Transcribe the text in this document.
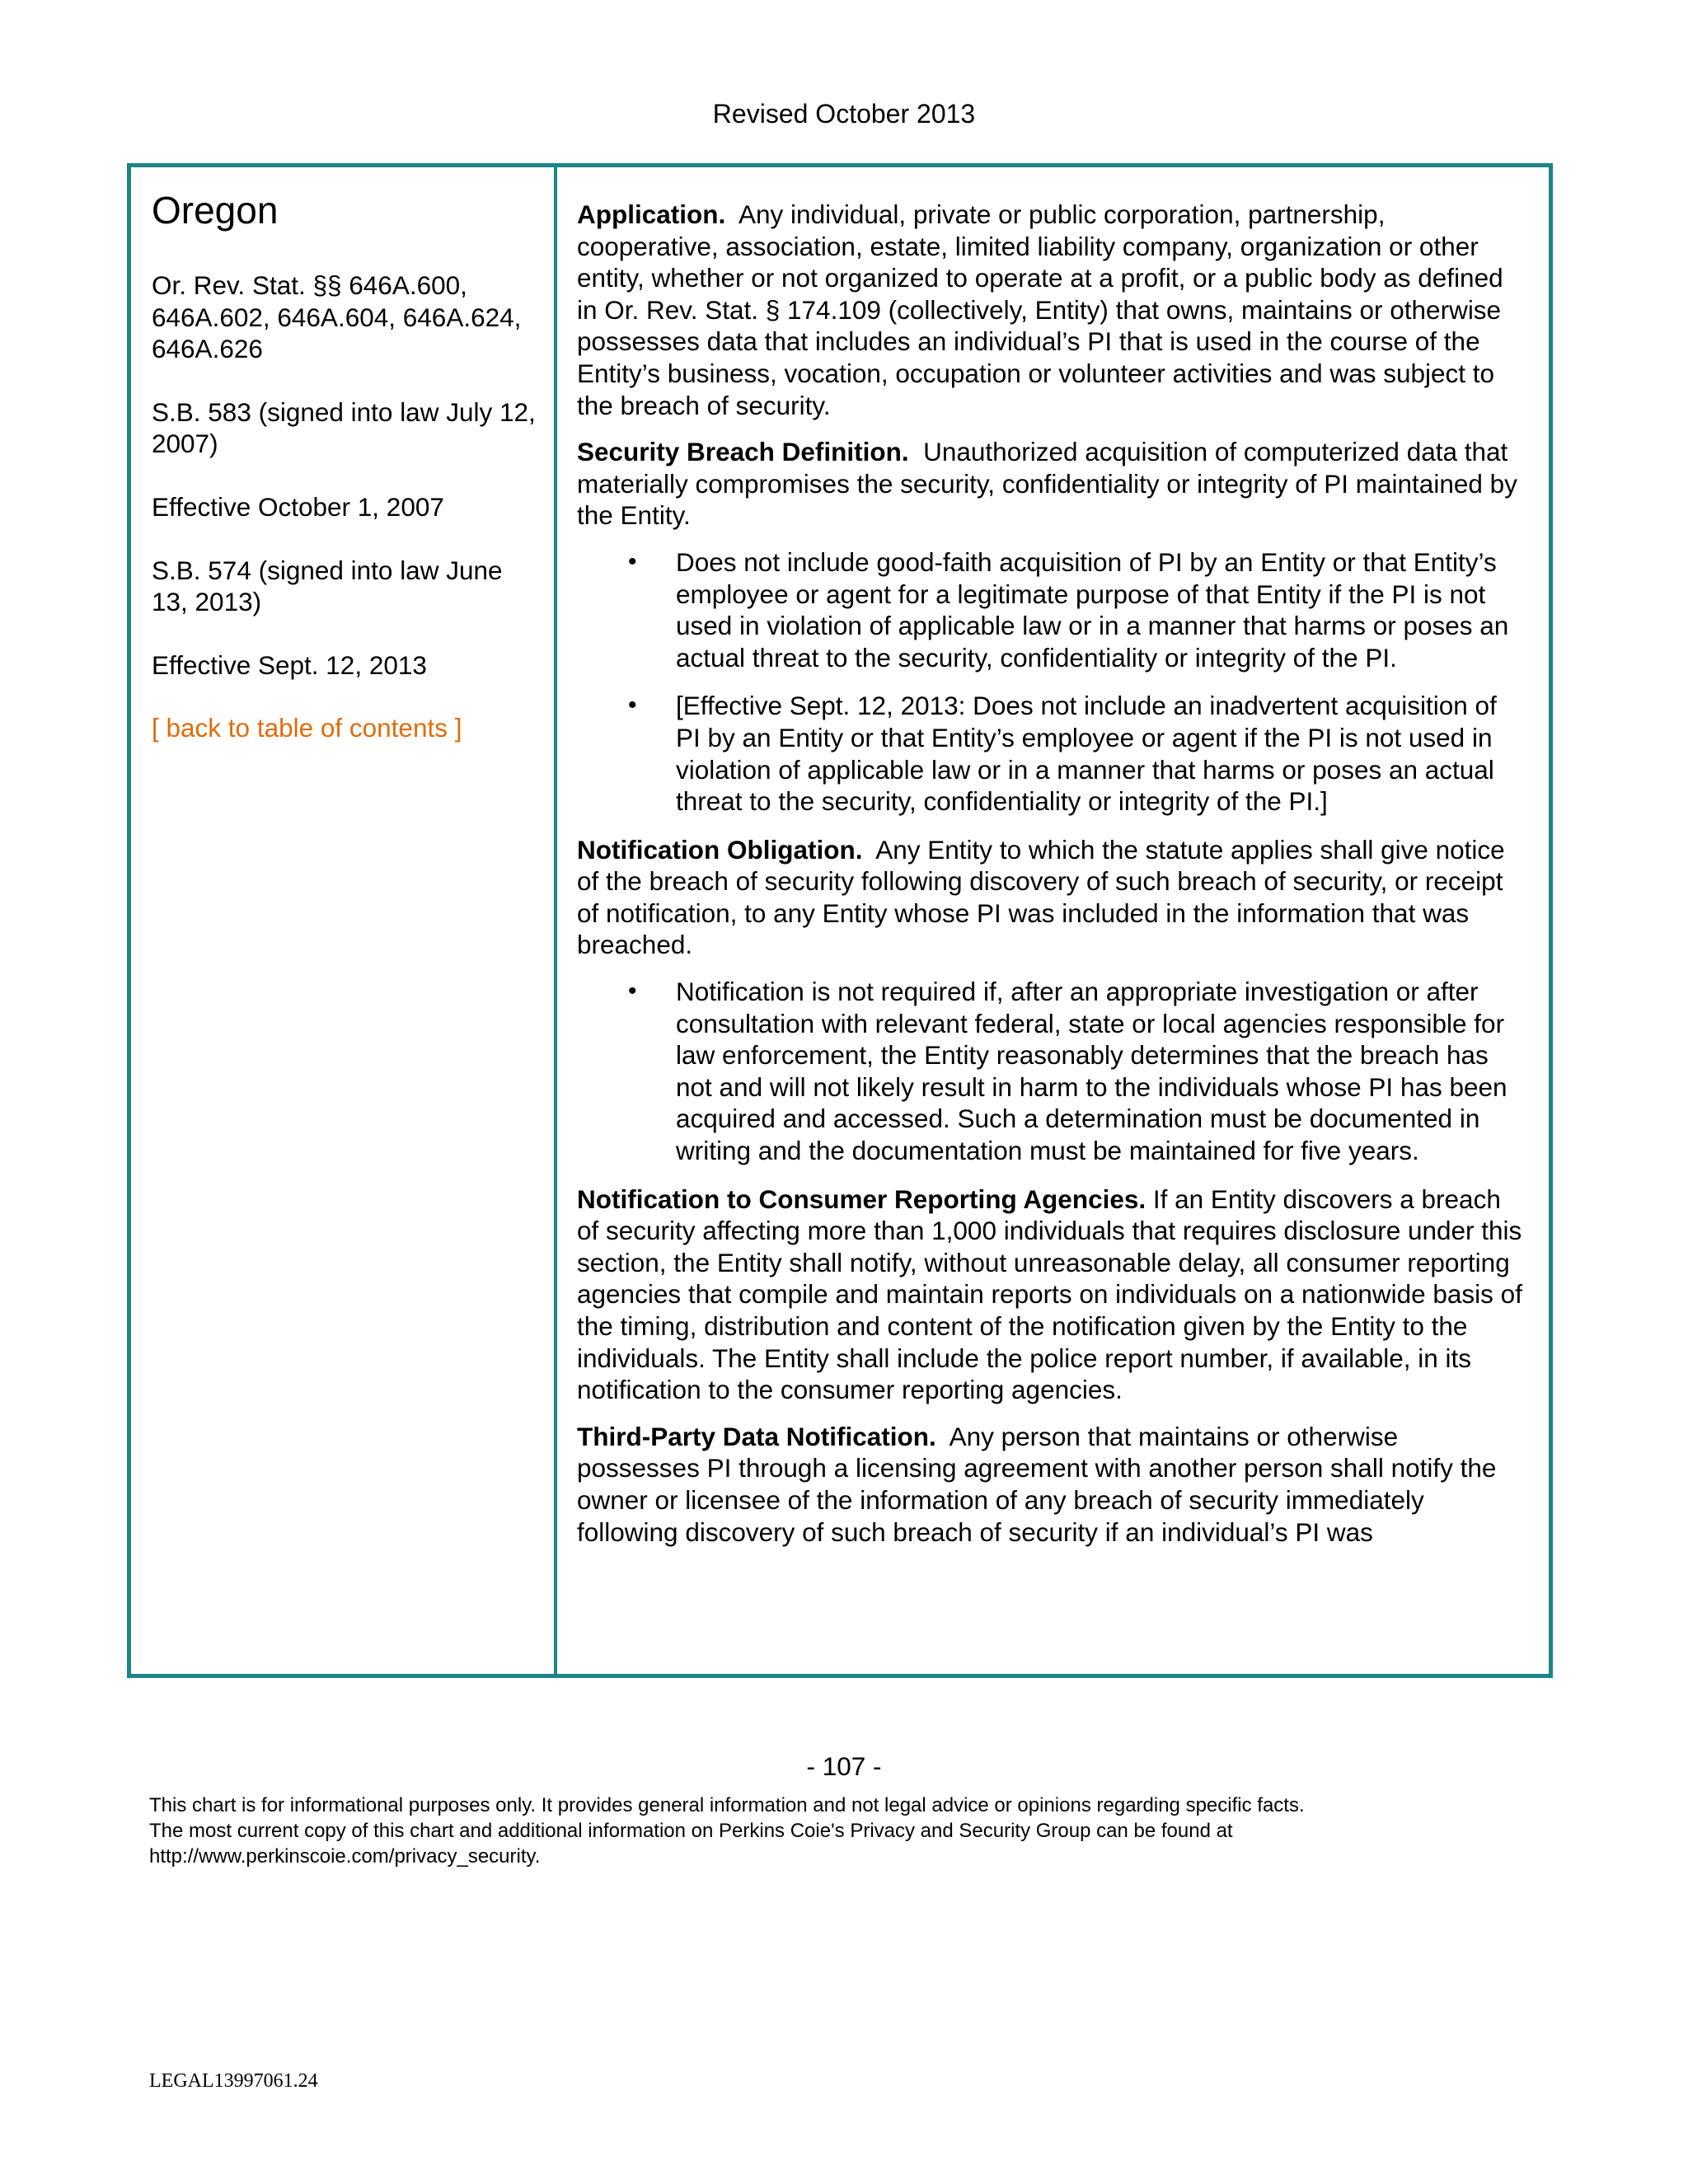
Revised October 2013
Oregon
Or. Rev. Stat. §§ 646A.600, 646A.602, 646A.604, 646A.624, 646A.626
S.B. 583 (signed into law July 12, 2007)
Effective October 1, 2007
S.B. 574 (signed into law June 13, 2013)
Effective Sept. 12, 2013
[ back to table of contents ]

Application. Any individual, private or public corporation, partnership, cooperative, association, estate, limited liability company, organization or other entity, whether or not organized to operate at a profit, or a public body as defined in Or. Rev. Stat. § 174.109 (collectively, Entity) that owns, maintains or otherwise possesses data that includes an individual’s PI that is used in the course of the Entity’s business, vocation, occupation or volunteer activities and was subject to the breach of security.

Security Breach Definition. Unauthorized acquisition of computerized data that materially compromises the security, confidentiality or integrity of PI maintained by the Entity.

• Does not include good-faith acquisition of PI by an Entity or that Entity’s employee or agent for a legitimate purpose of that Entity if the PI is not used in violation of applicable law or in a manner that harms or poses an actual threat to the security, confidentiality or integrity of the PI.
• [Effective Sept. 12, 2013: Does not include an inadvertent acquisition of PI by an Entity or that Entity’s employee or agent if the PI is not used in violation of applicable law or in a manner that harms or poses an actual threat to the security, confidentiality or integrity of the PI.]

Notification Obligation. Any Entity to which the statute applies shall give notice of the breach of security following discovery of such breach of security, or receipt of notification, to any Entity whose PI was included in the information that was breached.

• Notification is not required if, after an appropriate investigation or after consultation with relevant federal, state or local agencies responsible for law enforcement, the Entity reasonably determines that the breach has not and will not likely result in harm to the individuals whose PI has been acquired and accessed. Such a determination must be documented in writing and the documentation must be maintained for five years.

Notification to Consumer Reporting Agencies. If an Entity discovers a breach of security affecting more than 1,000 individuals that requires disclosure under this section, the Entity shall notify, without unreasonable delay, all consumer reporting agencies that compile and maintain reports on individuals on a nationwide basis of the timing, distribution and content of the notification given by the Entity to the individuals. The Entity shall include the police report number, if available, in its notification to the consumer reporting agencies.

Third-Party Data Notification. Any person that maintains or otherwise possesses PI through a licensing agreement with another person shall notify the owner or licensee of the information of any breach of security immediately following discovery of such breach of security if an individual’s PI was

- 107 -
This chart is for informational purposes only. It provides general information and not legal advice or opinions regarding specific facts.
The most current copy of this chart and additional information on Perkins Coie's Privacy and Security Group can be found at
http://www.perkinscoie.com/privacy_security.
LEGAL13997061.24
